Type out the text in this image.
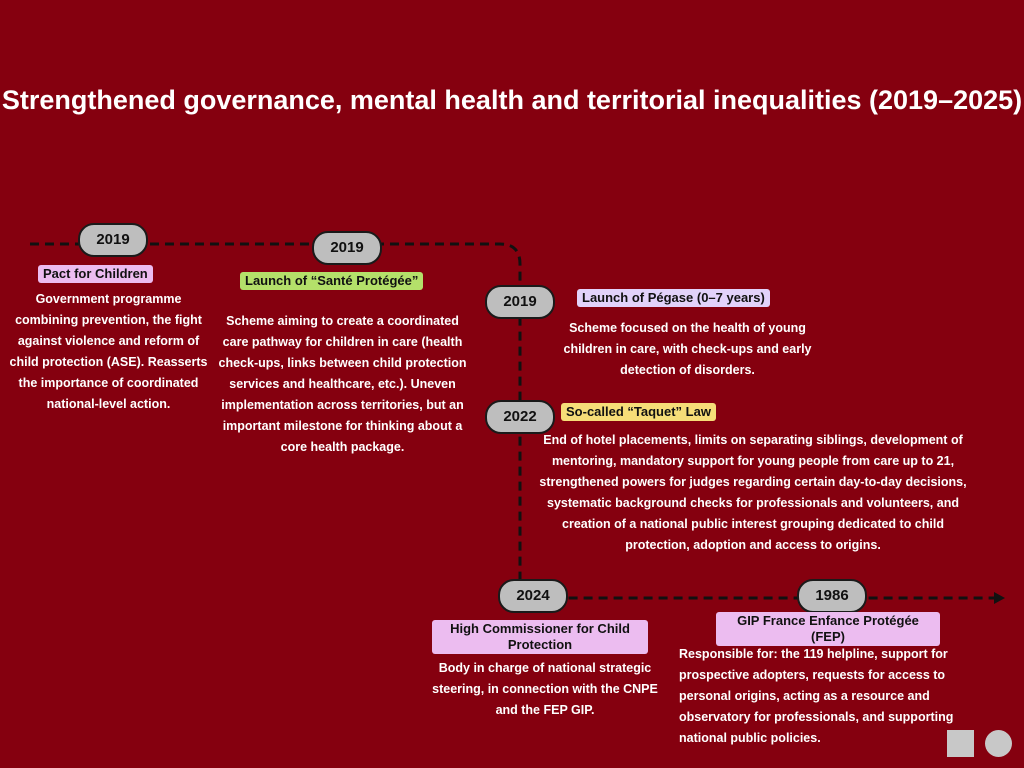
Strengthened governance, mental health and territorial inequalities (2019–2025)
2019
Pact for Children
Government programme combining prevention, the fight against violence and reform of child protection (ASE). Reasserts the importance of coordinated national-level action.
2019
Launch of “Santé Protégée”
Scheme aiming to create a coordinated care pathway for children in care (health check-ups, links between child protection services and healthcare, etc.). Uneven implementation across territories, but an important milestone for thinking about a core health package.
2019	Launch of Pégase (0–7 years)
Scheme focused on the health of young children in care, with check-ups and early detection of disorders.
2022	So-called “Taquet” Law
End of hotel placements, limits on separating siblings, development of mentoring, mandatory support for young people from care up to 21, strengthened powers for judges regarding certain day-to-day decisions, systematic background checks for professionals and volunteers, and creation of a national public interest grouping dedicated to child protection, adoption and access to origins.
2024
High Commissioner for Child Protection
Body in charge of national strategic steering, in connection with the CNPE and the FEP GIP.
1986
GIP France Enfance Protégée (FEP)
Responsible for: the 119 helpline, support for prospective adopters, requests for access to personal origins, acting as a resource and observatory for professionals, and supporting national public policies.
